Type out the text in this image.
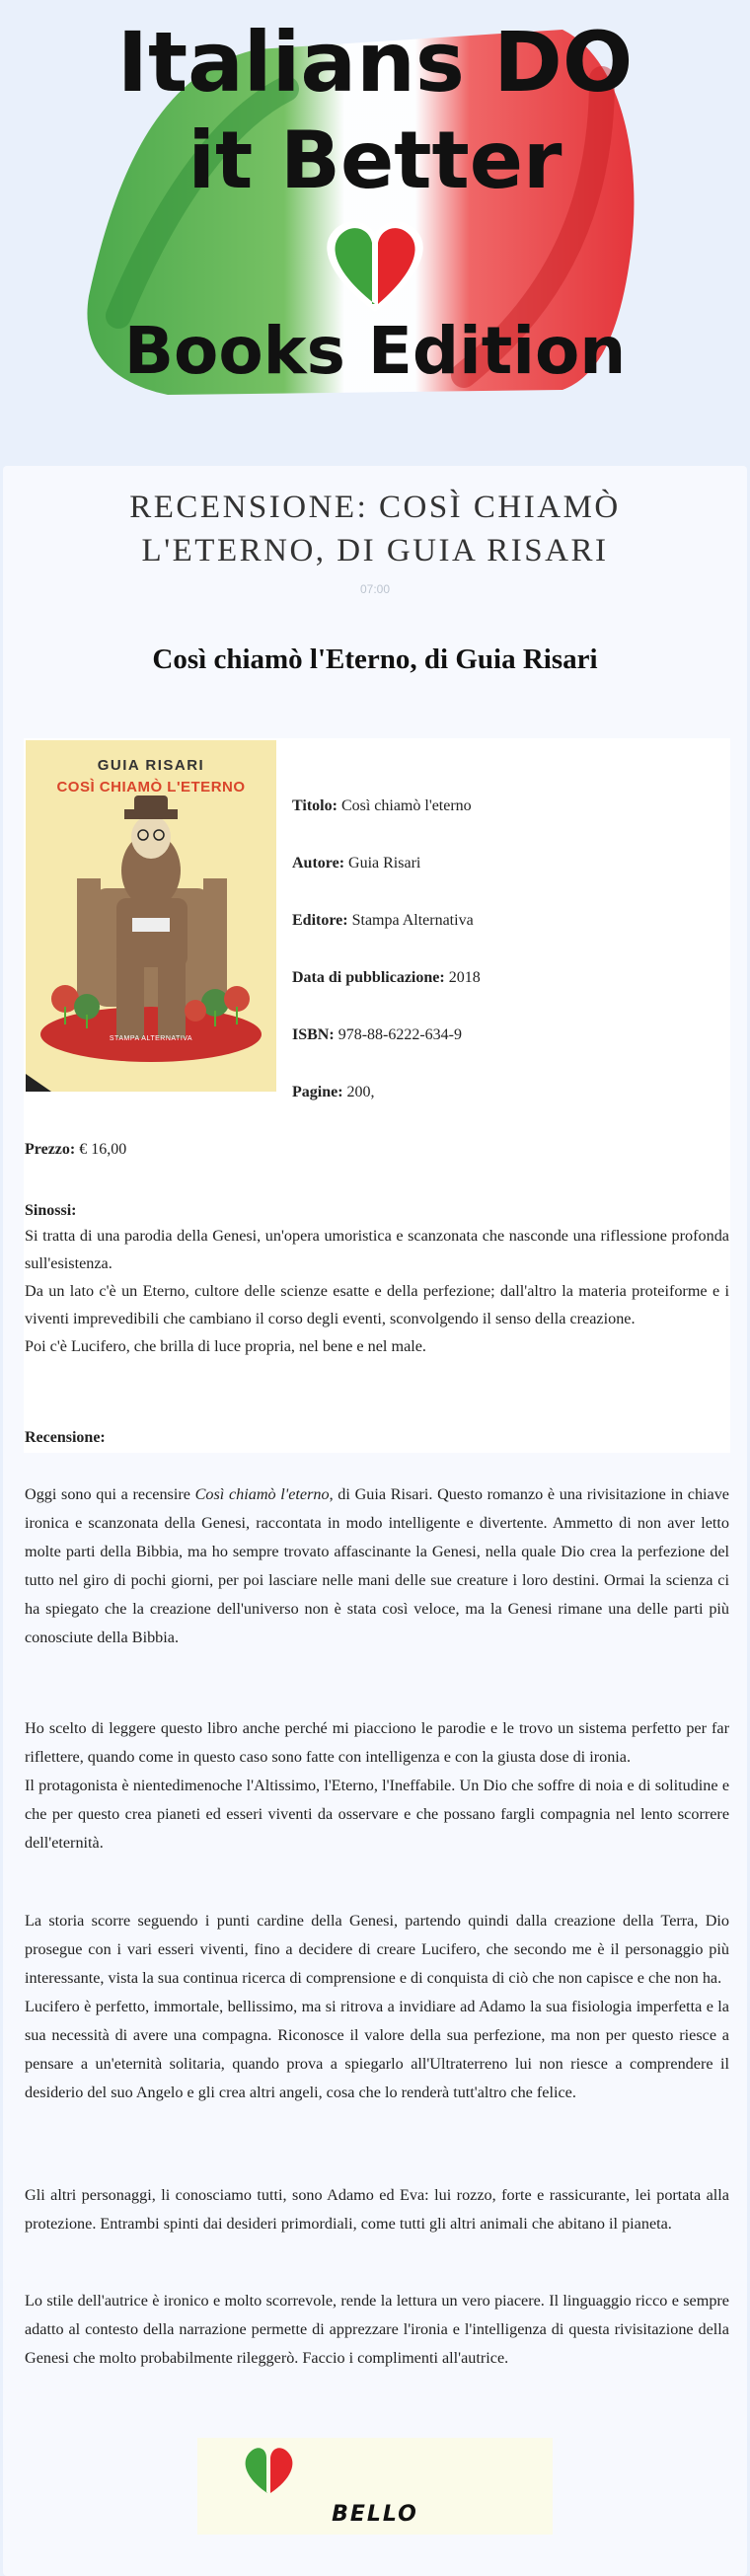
Italians DO
it Better
Books Edition
RECENSIONE: COSÌ CHIAMÒ
L'ETERNO, DI GUIA RISARI
07:00
Così chiamò l'Eterno, di Guia Risari
GUIA RISARI
COSÌ CHIAMÒ L'ETERNO
STAMPA ALTERNATIVA
Titolo: Così chiamò l'eterno
Autore: Guia Risari
Editore: Stampa Alternativa
Data di pubblicazione: 2018
ISBN: 978-88-6222-634-9
Pagine: 200,
Prezzo: € 16,00
Sinossi:

Si tratta di una parodia della Genesi, un'opera umoristica e scanzonata che nasconde una riflessione profonda sull'esistenza.

Da un lato c'è un Eterno, cultore delle scienze esatte e della perfezione; dall'altro la materia proteiforme e i viventi imprevedibili che cambiano il corso degli eventi, sconvolgendo il senso della creazione.

Poi c'è Lucifero, che brilla di luce propria, nel bene e nel male.

Recensione:
Oggi sono qui a recensire Così chiamò l'eterno, di Guia Risari. Questo romanzo è una rivisitazione in chiave ironica e scanzonata della Genesi, raccontata in modo intelligente e divertente. Ammetto di non aver letto molte parti della Bibbia, ma ho sempre trovato affascinante la Genesi, nella quale Dio crea la perfezione del tutto nel giro di pochi giorni, per poi lasciare nelle mani delle sue creature i loro destini. Ormai la scienza ci ha spiegato che la creazione dell'universo non è stata così veloce, ma la Genesi rimane una delle parti più conosciute della Bibbia.

Ho scelto di leggere questo libro anche perché mi piacciono le parodie e le trovo un sistema perfetto per far riflettere, quando come in questo caso sono fatte con intelligenza e con la giusta dose di ironia.

Il protagonista è nientedimenoche l'Altissimo, l'Eterno, l'Ineffabile. Un Dio che soffre di noia e di solitudine e che per questo crea pianeti ed esseri viventi da osservare e che possano fargli compagnia nel lento scorrere dell'eternità.

La storia scorre seguendo i punti cardine della Genesi, partendo quindi dalla creazione della Terra, Dio prosegue con i vari esseri viventi, fino a decidere di creare Lucifero, che secondo me è il personaggio più interessante, vista la sua continua ricerca di comprensione e di conquista di ciò che non capisce e che non ha.

Lucifero è perfetto, immortale, bellissimo, ma si ritrova a invidiare ad Adamo la sua fisiologia imperfetta e la sua necessità di avere una compagna. Riconosce il valore della sua perfezione, ma non per questo riesce a pensare a un'eternità solitaria, quando prova a spiegarlo all'Ultraterreno lui non riesce a comprendere il desiderio del suo Angelo e gli crea altri angeli, cosa che lo renderà tutt'altro che felice.

Gli altri personaggi, li conosciamo tutti, sono Adamo ed Eva: lui rozzo, forte e rassicurante, lei portata alla protezione. Entrambi spinti dai desideri primordiali, come tutti gli altri animali che abitano il pianeta.

Lo stile dell'autrice è ironico e molto scorrevole, rende la lettura un vero piacere. Il linguaggio ricco e sempre adatto al contesto della narrazione permette di apprezzare l'ironia e l'intelligenza di questa rivisitazione della Genesi che molto probabilmente rileggerò. Faccio i complimenti all'autrice.

BELLO
